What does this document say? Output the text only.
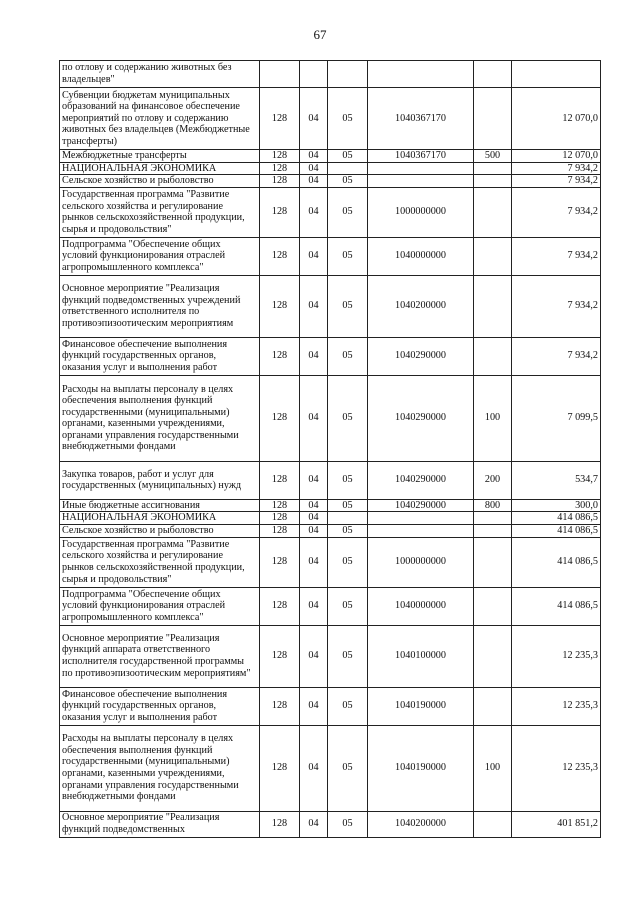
67
по отлову и содержанию животных без владельцев"						
Субвенции бюджетам муниципальных образований на финансовое обеспечение мероприятий по отлову и содержанию животных без владельцев (Межбюджетные трансферты)	128	04	05	1040367170		12 070,0
Межбюджетные трансферты	128	04	05	1040367170	500	12 070,0
НАЦИОНАЛЬНАЯ ЭКОНОМИКА	128	04				7 934,2
Сельское хозяйство и рыболовство	128	04	05			7 934,2
Государственная программа "Развитие сельского хозяйства и регулирование рынков сельскохозяйственной продукции, сырья и продовольствия"	128	04	05	1000000000		7 934,2
Подпрограмма "Обеспечение общих условий функционирования отраслей агропромышленного комплекса"	128	04	05	1040000000		7 934,2
Основное мероприятие "Реализация функций подведомственных учреждений ответственного исполнителя по противоэпизоотическим мероприятиям	128	04	05	1040200000		7 934,2
Финансовое обеспечение выполнения функций государственных органов, оказания услуг и выполнения работ	128	04	05	1040290000		7 934,2
Расходы на выплаты персоналу в целях обеспечения выполнения функций государственными (муниципальными) органами, казенными учреждениями, органами управления государственными внебюджетными фондами	128	04	05	1040290000	100	7 099,5
Закупка товаров, работ и услуг для государственных (муниципальных) нужд	128	04	05	1040290000	200	534,7
Иные бюджетные ассигнования	128	04	05	1040290000	800	300,0
НАЦИОНАЛЬНАЯ ЭКОНОМИКА	128	04				414 086,5
Сельское хозяйство и рыболовство	128	04	05			414 086,5
Государственная программа "Развитие сельского хозяйства и регулирование рынков сельскохозяйственной продукции, сырья и продовольствия"	128	04	05	1000000000		414 086,5
Подпрограмма "Обеспечение общих условий функционирования отраслей агропромышленного комплекса"	128	04	05	1040000000		414 086,5
Основное мероприятие "Реализация функций аппарата ответственного исполнителя государственной программы по противоэпизоотическим мероприятиям"	128	04	05	1040100000		12 235,3
Финансовое обеспечение выполнения функций государственных органов, оказания услуг и выполнения работ	128	04	05	1040190000		12 235,3
Расходы на выплаты персоналу в целях обеспечения выполнения функций государственными (муниципальными) органами, казенными учреждениями, органами управления государственными внебюджетными фондами	128	04	05	1040190000	100	12 235,3
Основное мероприятие "Реализация функций подведомственных	128	04	05	1040200000		401 851,2
